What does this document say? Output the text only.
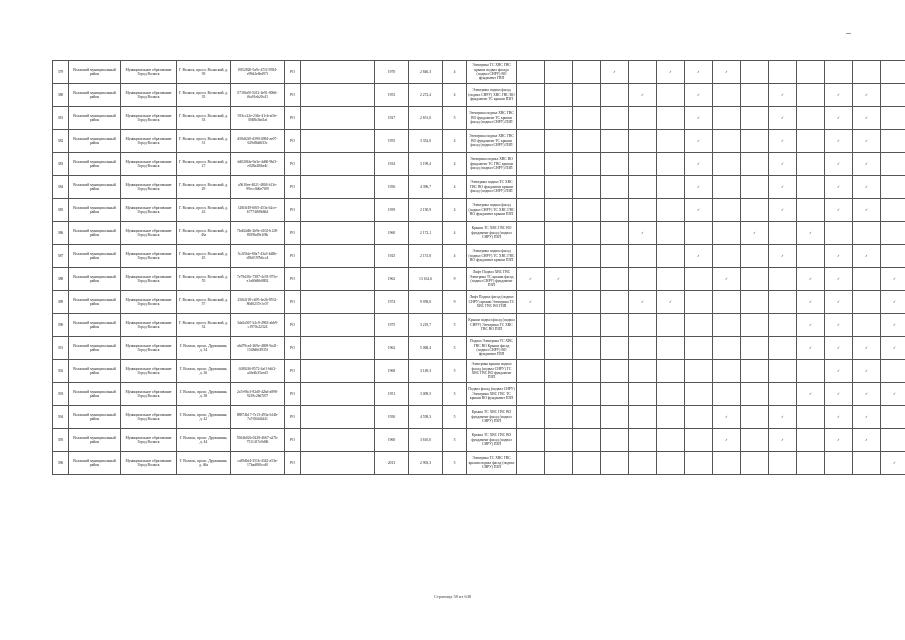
379	Волжский муниципальный район	Муниципальное образование Город Волжск	Г. Волжск, просп. Волжский, д. 39	f9f52820-5a9c-47f2-9584-e99d2e8ed97f	РО		1970	2 846,3	4	Электрика ТС ХВС ГВС крыши подвал фасада (подвал СНРУ) ВО фундамент ГВП				✓		✓	✓	✓						
380	Волжский муниципальный район	Муниципальное образование Город Волжск	Г. Волжск, просп. Волжский, д. 35	0718fa9f-5412-4e91-80b6-f6a91eb20c41	РО		1953	2 272,4	4	Электрика подвал фасад (подвал СНРУ) ХВС ГВС ВО фундамент ТС крыши ПЗП					✓		✓			✓		✓	✓	
381	Волжский муниципальный район	Муниципальное образование Город Волжск	Г. Волжск, просп. Волжский, д. 33	933cc22e-234e-41cb-af3e-3948b3bd1af	РО		1927	2 651,0	5	Электрика подвал ХВС ГВС ВО фундамент ТС крыши фасад (подвал СНРУ) ПЗП							✓			✓		✓	✓	
382	Волжский муниципальный район	Муниципальное образование Город Волжск	Г. Волжск, просп. Волжский, д. 31	d58df2f0-d390-4984-ae07-629d8dd633c	РО		1955	3 352,0	4	Электрика подвал ХВС ГВС ВО фундамент ТС крыши фасад (подвал СНРУ) ПЗП							✓			✓		✓	✓	
383	Волжский муниципальный район	Муниципальное образование Город Волжск	Г. Волжск, просп. Волжский, д. 27	dd0206fe-9a3e-4d60-9bf3-e028a4f0be4f	РО		1934	3 199,4	4	Электрика подвал ХВС ВО фундамент ТС ГВС крыши фасад (подвал СНРУ) ПЗП							✓			✓		✓	✓	
384	Волжский муниципальный район	Муниципальное образование Город Волжск	Г. Волжск, просп. Волжский, д. 29	a5610ee-4021-4804-b13e-99ccc0d6e7f09	РО		1956	4 396,7	4	Электрика подвал ТС ХВС ГВС ВО фундамент крыши фасад (подвал СНРУ) ПЗП							✓			✓		✓	✓	
385	Волжский муниципальный район	Муниципальное образование Город Волжск	Г. Волжск, просп. Волжский, д. 43	f28f3f49-0f65-453a-b2ce-b7774f68b8d4	РО		1959	2 150,9	4	Электрика подвал фасад (подвал СНРУ) ТС ХВС ГВС ВО фундамент крыши ПЗП							✓			✓		✓	✓	
386	Волжский муниципальный район	Муниципальное образование Город Волжск	Г. Волжск, просп. Волжский, д. 43а	7bdf2d46-2b9e-4102-b128-8019bd9e1f8b	РО		1960	2 172,1	4	Крыши ТС ХВС ГВС ВО фундамент фасад (подвал СНРУ) ПЗП					✓				✓		✓			
387	Волжский муниципальный район	Муниципальное образование Город Волжск	Г. Волжск, просп. Волжский, д. 45	5c2f5bfe-69a7-43a3-b48b-d5b0197b6cc4	РО		1925	2 151,8	4	Электрика подвал фасад (подвал СНРУ) ТС ХВС ГВС ВО фундамент крыши ПЗП							✓			✓		✓	✓	
388	Волжский муниципальный район	Муниципальное образование Город Волжск	Г. Волжск, просп. Волжский, д. 55	7e79d30c-7387-4c93-975e-e1a60d6b0802	РО		1962	13 162,6	9	Лифт Подвал ХВС ГВС Электрика ТС крыши фасад (подвал СНРУ) фундамент ПЗП	✓	✓						✓			✓	✓		✓
389	Волжский муниципальный район	Муниципальное образование Город Волжск	Г. Волжск, просп. Волжский, д. 57	25f62f18-cb95-4e2b-8532-80d0237e1c07	РО		1974	9 058,0	9	Лифт Подвал фасад (подвал СНРУ) крыши Электрика ТС ХВС ГВС ВО ПЗП	✓				✓	✓					✓	✓		✓
390	Волжский муниципальный район	Муниципальное образование Город Волжск	Г. Волжск, просп. Волжский, д. 32	3da5a567-b1c9-4963-abb9-c1970c22324	РО		1975	3 219,7	5	Крыши подвал фасад (подвал СНРУ) Электрика ТС ХВС ГВС ВО ПЗП											✓	✓		✓
391	Волжский муниципальный район	Муниципальное образование Город Волжск	Г. Волжск, просп. Дружинина, д. 34	a6d79ce4-269e-4698-9a41-1548d6f4935f	РО		1962	5 068,4	5	Подвал Электрика ТС ХВС ГВС ВО Крыши фасад (подвал СНРУ) ВО фундамент ПЗП											✓	✓	✓	✓
392	Волжский муниципальный район	Муниципальное образование Город Волжск	Г. Волжск, просп. Дружинина, д. 36	f4f8f2f6-8572-4af1-b6f2-a4fe4b33ced3	РО		1968	3 149,3	5	Электрика крыши подвал фасад (подвал СНРУ) ТС ХВС ГВС ВО фундамент ПЗП												✓	✓	
393	Волжский муниципальный район	Муниципальное образование Город Волжск	Г. Волжск, просп. Дружинина, д. 38	2a7e96c3-82d0-42bd-a898-9218c2b67f07	РО		1951	3 009,5	5	Подвал фасад (подвал СНРУ) Электрика ХВС ГВС ТС крыши ВО фундамент ПЗП											✓	✓	✓	✓
394	Волжский муниципальный район	Муниципальное образование Город Волжск	Г. Волжск, просп. Дружинина, д. 42	88874b17-7e13-493a-b14b-7a7f0f4d2d41	РО		1950	4 558,3	5	Крыша ТС ХВС ГВС ВО фундамент фасад (подвал СНРУ) ПЗП								✓		✓		✓	✓	
395	Волжский муниципальный район	Муниципальное образование Город Волжск	Г. Волжск, просп. Дружинина, д. 44	5564b02b-0228-4667-a27b-7511417e0d06	РО		1960	3 610,0	5	Крыша ТС ХВС ГВС ВО фундамент фасад (подвал СНРУ) ПЗП								✓		✓		✓	✓	
396	Волжский муниципальный район	Муниципальное образование Город Волжск	Г. Волжск, просп. Дружинина, д. 46а	ca85dbf4-351b-4342-a53a-17bad8f0ccd0	РО		2013	2 903,3	5	Электрика ТС ХВС ГВС крыши подвал фасад (подвал СНРУ) ПЗП														✓
Страница 38 из 648
